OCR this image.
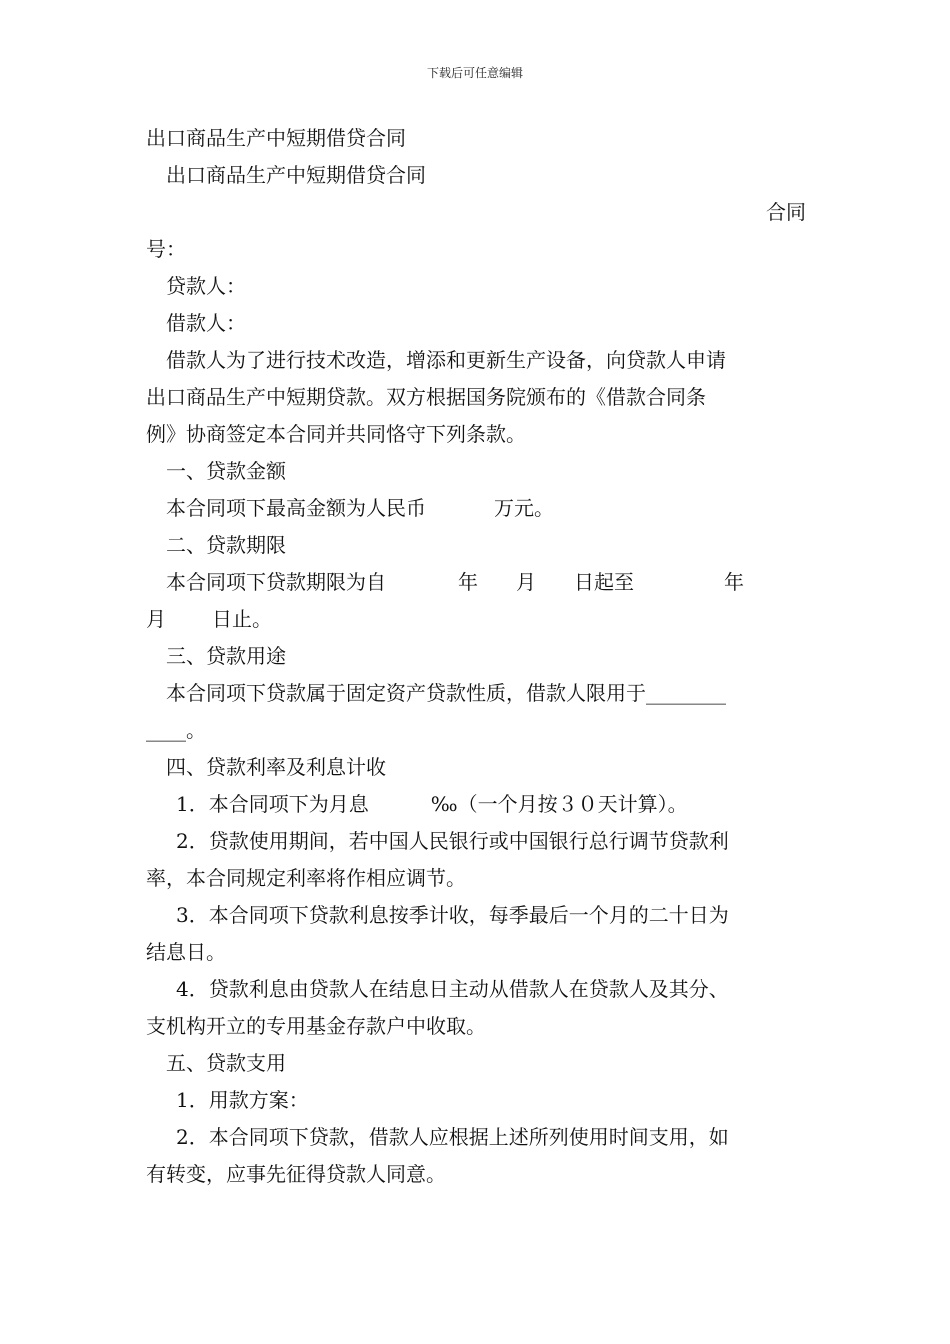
下载后可任意编辑
出口商品生产中短期借贷合同
出口商品生产中短期借贷合同
合同
号：
贷款人：
借款人：
借款人为了进行技术改造，增添和更新生产设备，向贷款人申请
出口商品生产中短期贷款。双方根据国务院颁布的《借款合同条
例》协商签定本合同并共同恪守下列条款。
一、贷款金额
本合同项下最高金额为人民币	万元。
二、贷款期限
本合同项下贷款期限为自	年 月 日起至	年
月 日止。
三、贷款用途
本合同项下贷款属于固定资产贷款性质，借款人限用于________
____。
四、贷款利率及利息计收
1．本合同项下为月息	‰（一个月按３０天计算）。
2．贷款使用期间，若中国人民银行或中国银行总行调节贷款利
率，本合同规定利率将作相应调节。
3．本合同项下贷款利息按季计收，每季最后一个月的二十日为
结息日。
4．贷款利息由贷款人在结息日主动从借款人在贷款人及其分、
支机构开立的专用基金存款户中收取。
五、贷款支用
1．用款方案：
2．本合同项下贷款，借款人应根据上述所列使用时间支用，如
有转变，应事先征得贷款人同意。
